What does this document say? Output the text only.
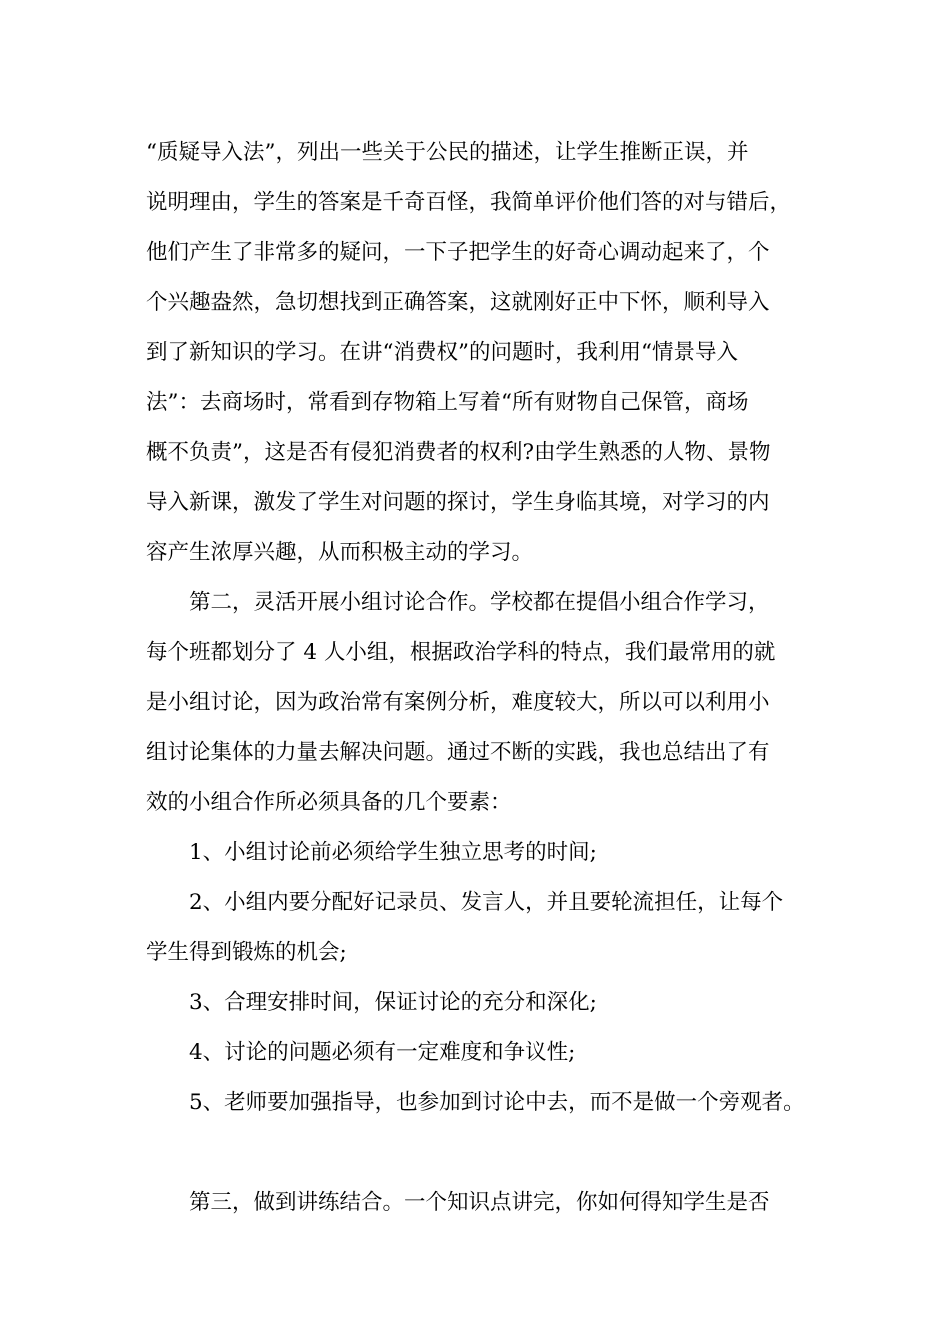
“质疑导入法”，列出一些关于公民的描述，让学生推断正误，并
说明理由，学生的答案是千奇百怪，我简单评价他们答的对与错后，
他们产生了非常多的疑问，一下子把学生的好奇心调动起来了，个
个兴趣盎然，急切想找到正确答案，这就刚好正中下怀，顺利导入
到了新知识的学习。在讲“消费权”的问题时，我利用“情景导入
法”：去商场时，常看到存物箱上写着“所有财物自己保管，商场
概不负责”，这是否有侵犯消费者的权利?由学生熟悉的人物、景物
导入新课，激发了学生对问题的探讨，学生身临其境，对学习的内
容产生浓厚兴趣，从而积极主动的学习。
第二，灵活开展小组讨论合作。学校都在提倡小组合作学习，
每个班都划分了 4 人小组，根据政治学科的特点，我们最常用的就
是小组讨论，因为政治常有案例分析，难度较大，所以可以利用小
组讨论集体的力量去解决问题。通过不断的实践，我也总结出了有
效的小组合作所必须具备的几个要素：
1、小组讨论前必须给学生独立思考的时间;
2、小组内要分配好记录员、发言人，并且要轮流担任，让每个
学生得到锻炼的机会;
3、合理安排时间，保证讨论的充分和深化;
4、讨论的问题必须有一定难度和争议性;
5、老师要加强指导，也参加到讨论中去，而不是做一个旁观者。
第三，做到讲练结合。一个知识点讲完，你如何得知学生是否
